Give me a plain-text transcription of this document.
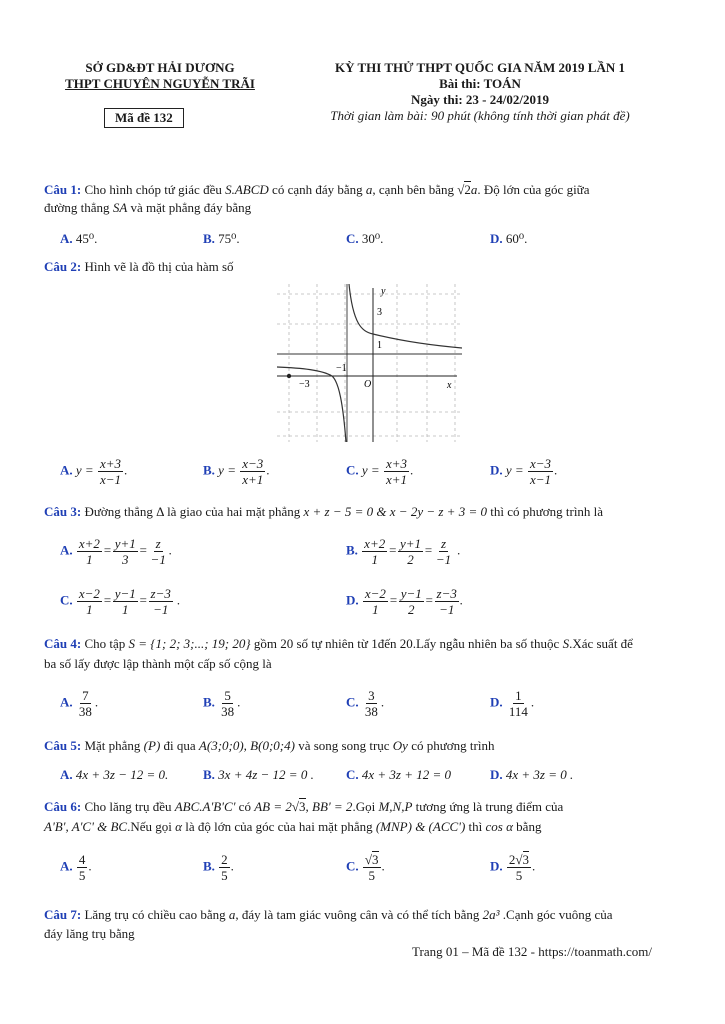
SỞ GD&ĐT HẢI DƯƠNG
THPT CHUYÊN NGUYỄN TRÃI
Mã đề 132
KỲ THI THỬ THPT QUỐC GIA NĂM 2019 LẦN 1
Bài thi: TOÁN
Ngày thi: 23 - 24/02/2019
Thời gian làm bài: 90 phút (không tính thời gian phát đề)
Câu 1: Cho hình chóp tứ giác đều S.ABCD có cạnh đáy bằng a, cạnh bên bằng √2a. Độ lớn của góc giữa
đường thẳng SA và mặt phẳng đáy bằng
A. 45⁰.	B. 75⁰.	C. 30⁰.	D. 60⁰.
Câu 2: Hình vẽ là đồ thị của hàm số
y
x
O
3
1
−1
−3
A. $y = \frac{x+3}{x-1}$ .	B. $y = \frac{x-3}{x+1}$ .	C. $y = \frac{x+3}{x+1}$ .	D. $y = \frac{x-3}{x-1}$ .
Câu 3: Đường thẳng Δ là giao của hai mặt phẳng x + z − 5 = 0 & x − 2y − z + 3 = 0 thì có phương trình là
A. $\frac{x+2}{1} = \frac{y+1}{3} = \frac{z}{-1}$ .	B. $\frac{x+2}{1} = \frac{y+1}{2} = \frac{z}{-1}$ .
C. $\frac{x-2}{1} = \frac{y-1}{1} = \frac{z-3}{-1}$ .	D. $\frac{x-2}{1} = \frac{y-1}{2} = \frac{z-3}{-1}$ .
Câu 4: Cho tập S = {1; 2; 3;...; 19; 20} gồm 20 số tự nhiên từ 1đến 20.Lấy ngẫu nhiên ba số thuộc S.Xác suất để
ba số lấy được lập thành một cấp số cộng là
A. $\frac{7}{38}$ .	B. $\frac{5}{38}$ .	C. $\frac{3}{38}$ .	D. $\frac{1}{114}$ .
Câu 5: Mặt phẳng (P) đi qua A(3;0;0), B(0;0;4) và song song trục Oy có phương trình
A. 4x + 3z − 12 = 0.	B. 3x + 4z − 12 = 0 . C. 4x + 3z + 12 = 0	D. 4x + 3z = 0 .
Câu 6: Cho lăng trụ đều ABC.A'B'C' có AB = 2√3, BB' = 2.Gọi M,N,P tương ứng là trung điểm của
A'B', A'C' & BC.Nếu gọi α là độ lớn của góc của hai mặt phẳng (MNP) & (ACC') thì cos α bằng
A. $\frac{4}{5}$ .	B. $\frac{2}{5}$ .	C. $\frac{√3}{5}$ .	D. $\frac{2√3}{5}$ .
Câu 7: Lăng trụ có chiều cao bằng a, đáy là tam giác vuông cân và có thể tích bằng 2a³ .Cạnh góc vuông của
đáy lăng trụ bằng
Trang 01 – Mã đề 132 - https://toanmath.com/
